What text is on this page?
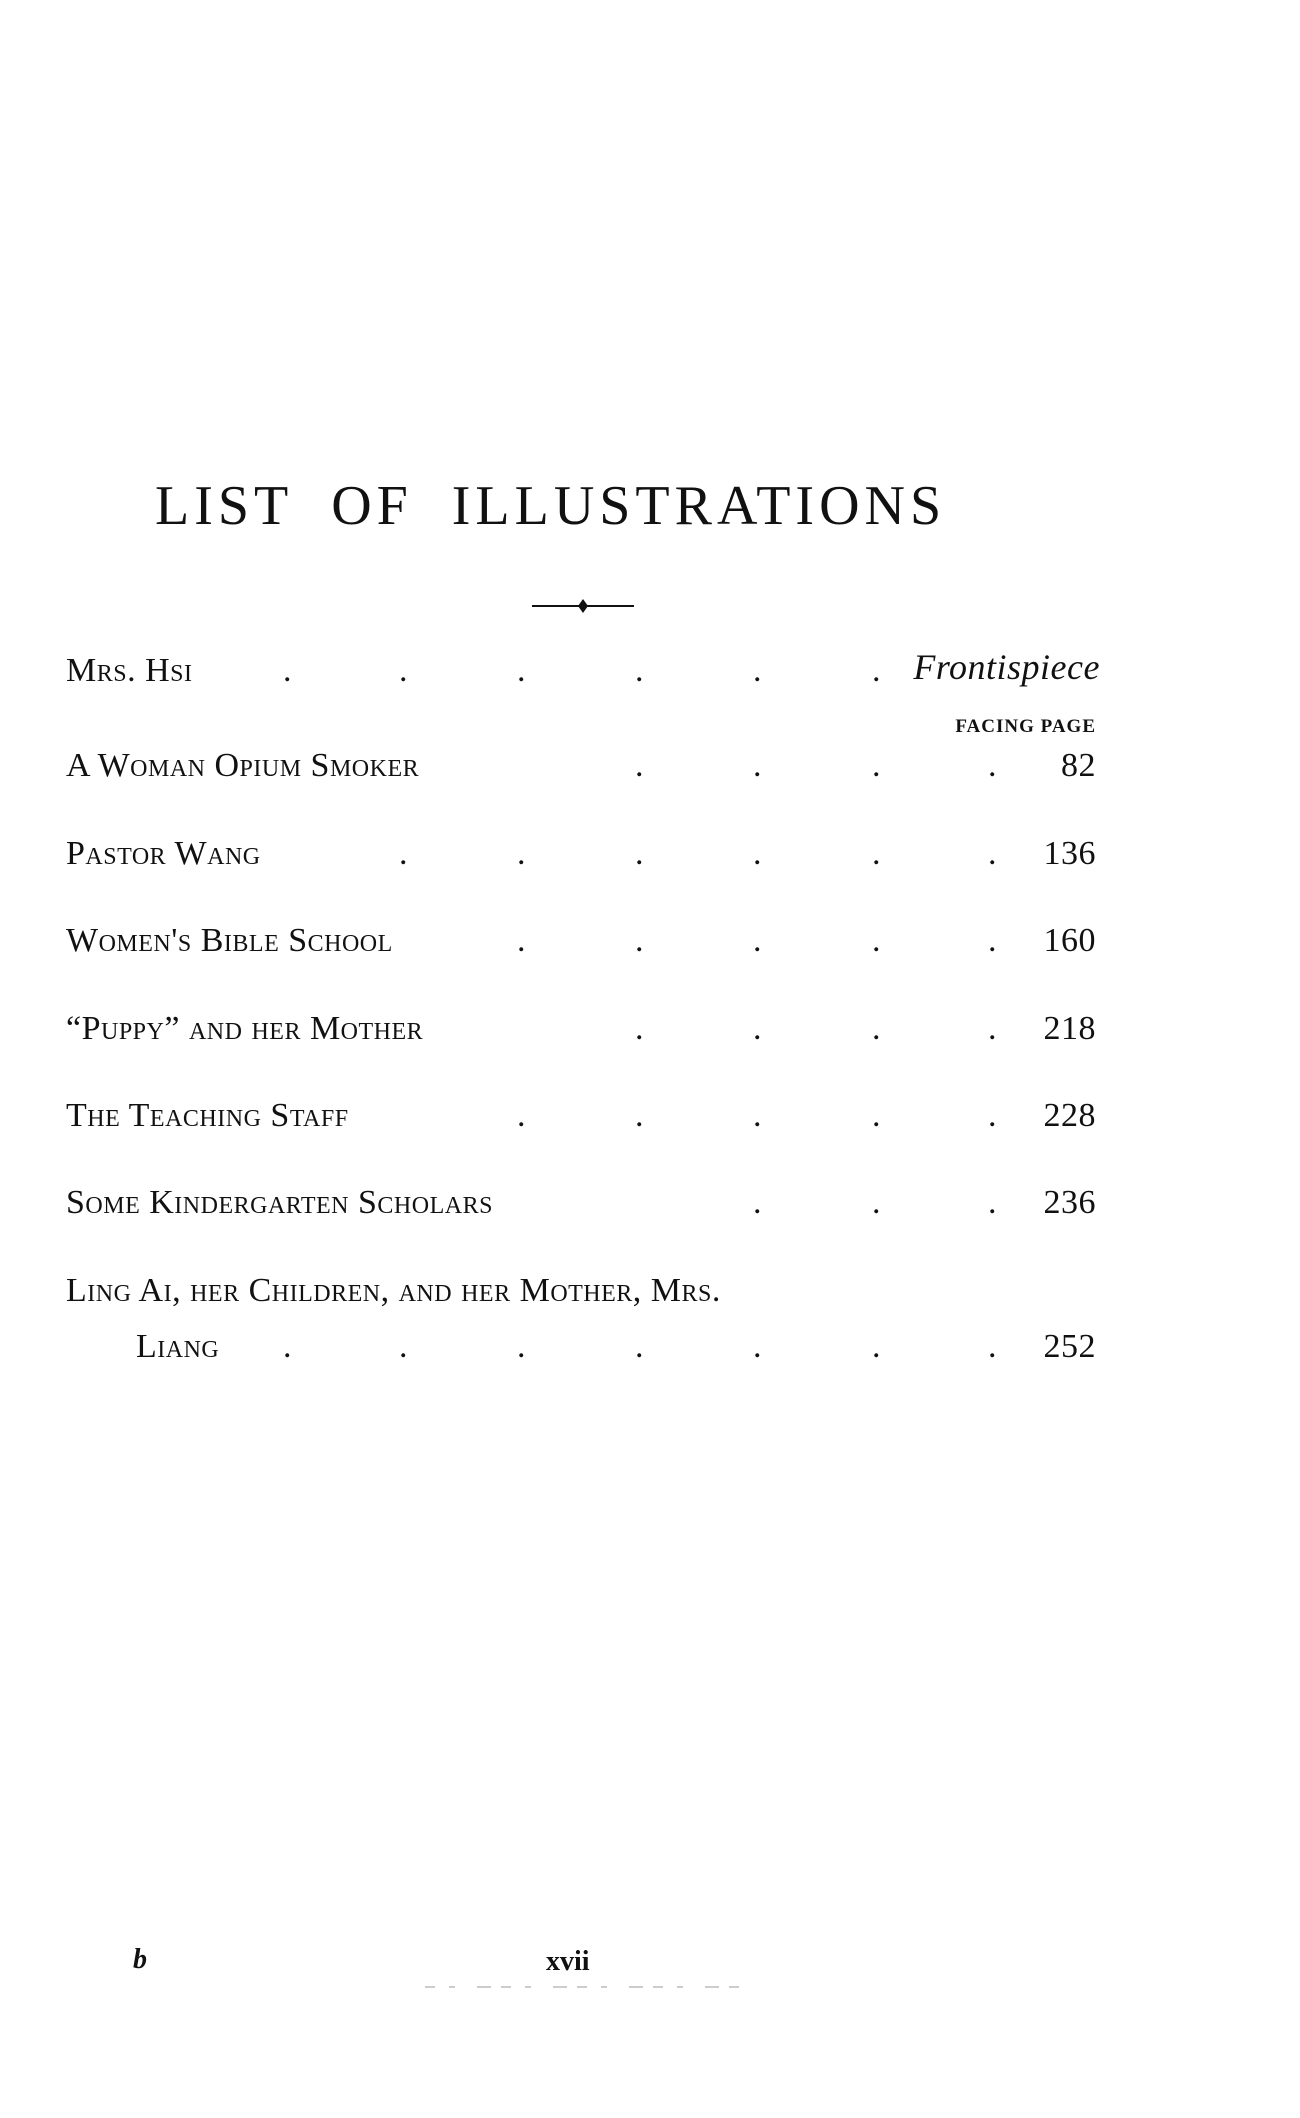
LIST OF ILLUSTRATIONS
Mrs. Hsi	.	.	.	.	.	. Frontispiece
FACING PAGE
A Woman Opium Smoker	.	.	.	. 82
Pastor Wang	.	.	.	.	.	. 136
Women's Bible School	.	.	.	.	. 160
“Puppy” and her Mother	.	.	.	. 218
The Teaching Staff	.	.	.	.	. 228
Some Kindergarten Scholars	.	.	. 236
Ling Ai, her Children, and her Mother, Mrs.
Liang .	.	.	.	.	.	. 252
b	xvii
